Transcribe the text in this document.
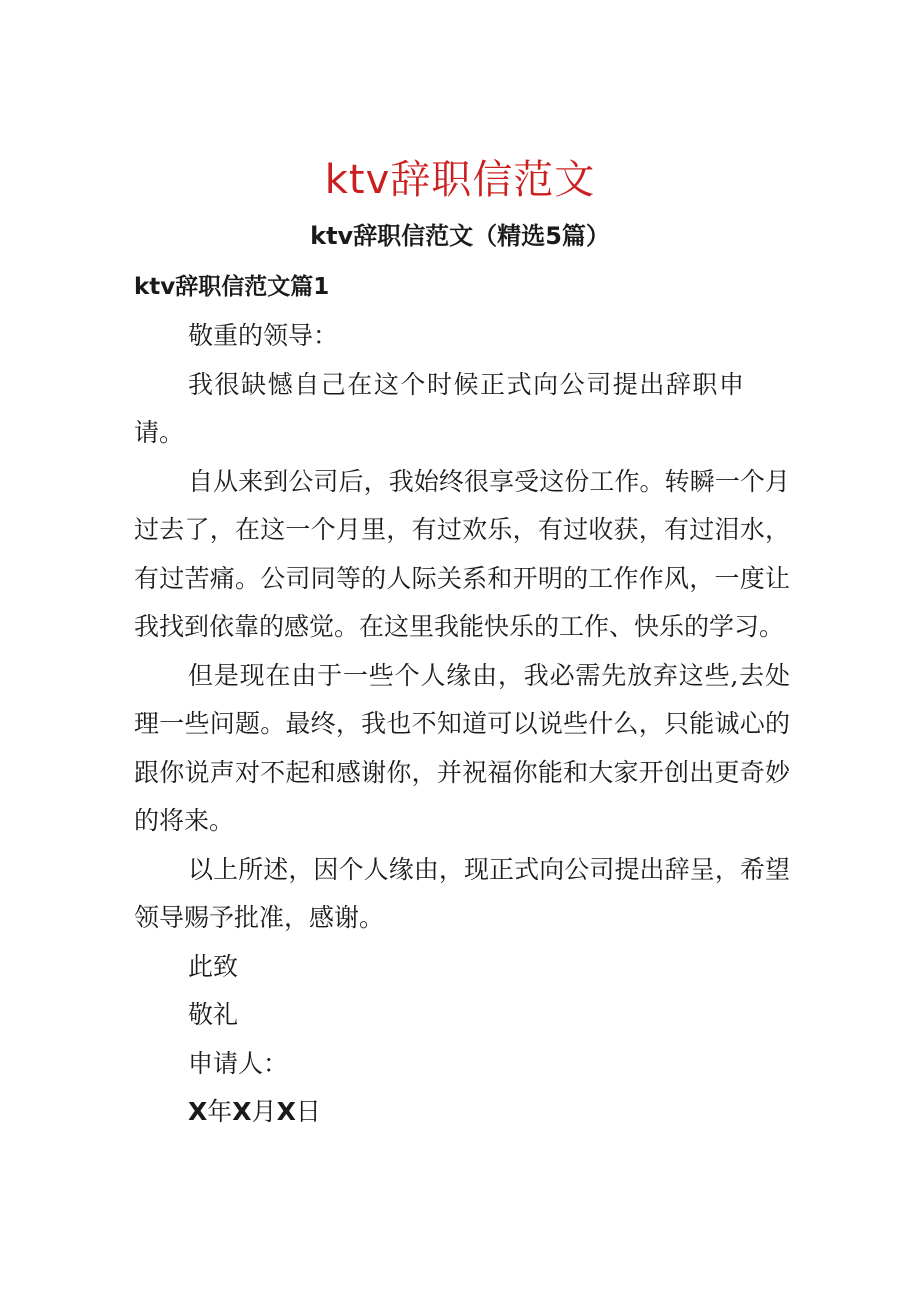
ktv辞职信范文
ktv辞职信范文（精选5篇）
ktv辞职信范文篇1
敬重的领导：

我很缺憾自己在这个时候正式向公司提出辞职申请。

自从来到公司后，我始终很享受这份工作。转瞬一个月过去了，在这一个月里，有过欢乐，有过收获，有过泪水，有过苦痛。公司同等的人际关系和开明的工作作风，一度让我找到依靠的感觉。在这里我能快乐的工作、快乐的学习。

但是现在由于一些个人缘由，我必需先放弃这些,去处理一些问题。最终，我也不知道可以说些什么，只能诚心的跟你说声对不起和感谢你，并祝福你能和大家开创出更奇妙的将来。

以上所述，因个人缘由，现正式向公司提出辞呈，希望领导赐予批准，感谢。

此致
敬礼
申请人：
X年X月X日
